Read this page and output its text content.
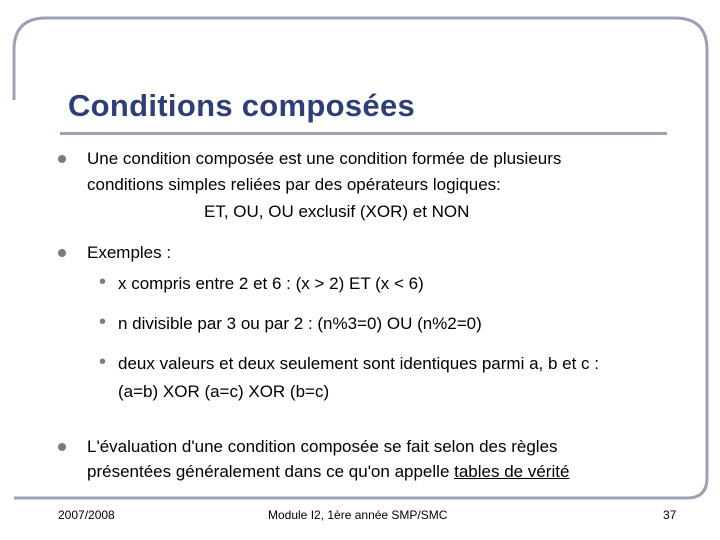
Conditions composées
Une condition composée est une condition formée de plusieurs
conditions simples reliées par des opérateurs logiques:
ET, OU, OU exclusif (XOR) et NON
Exemples :
• x compris entre 2 et 6 : (x > 2) ET (x < 6)
• n divisible par 3 ou par 2 : (n%3=0) OU (n%2=0)
• deux valeurs et deux seulement sont identiques parmi a, b et c :
(a=b) XOR (a=c) XOR (b=c)
L'évaluation d'une condition composée se fait selon des règles
présentées généralement dans ce qu'on appelle tables de vérité
2007/2008	Module I2, 1ère année SMP/SMC	37
